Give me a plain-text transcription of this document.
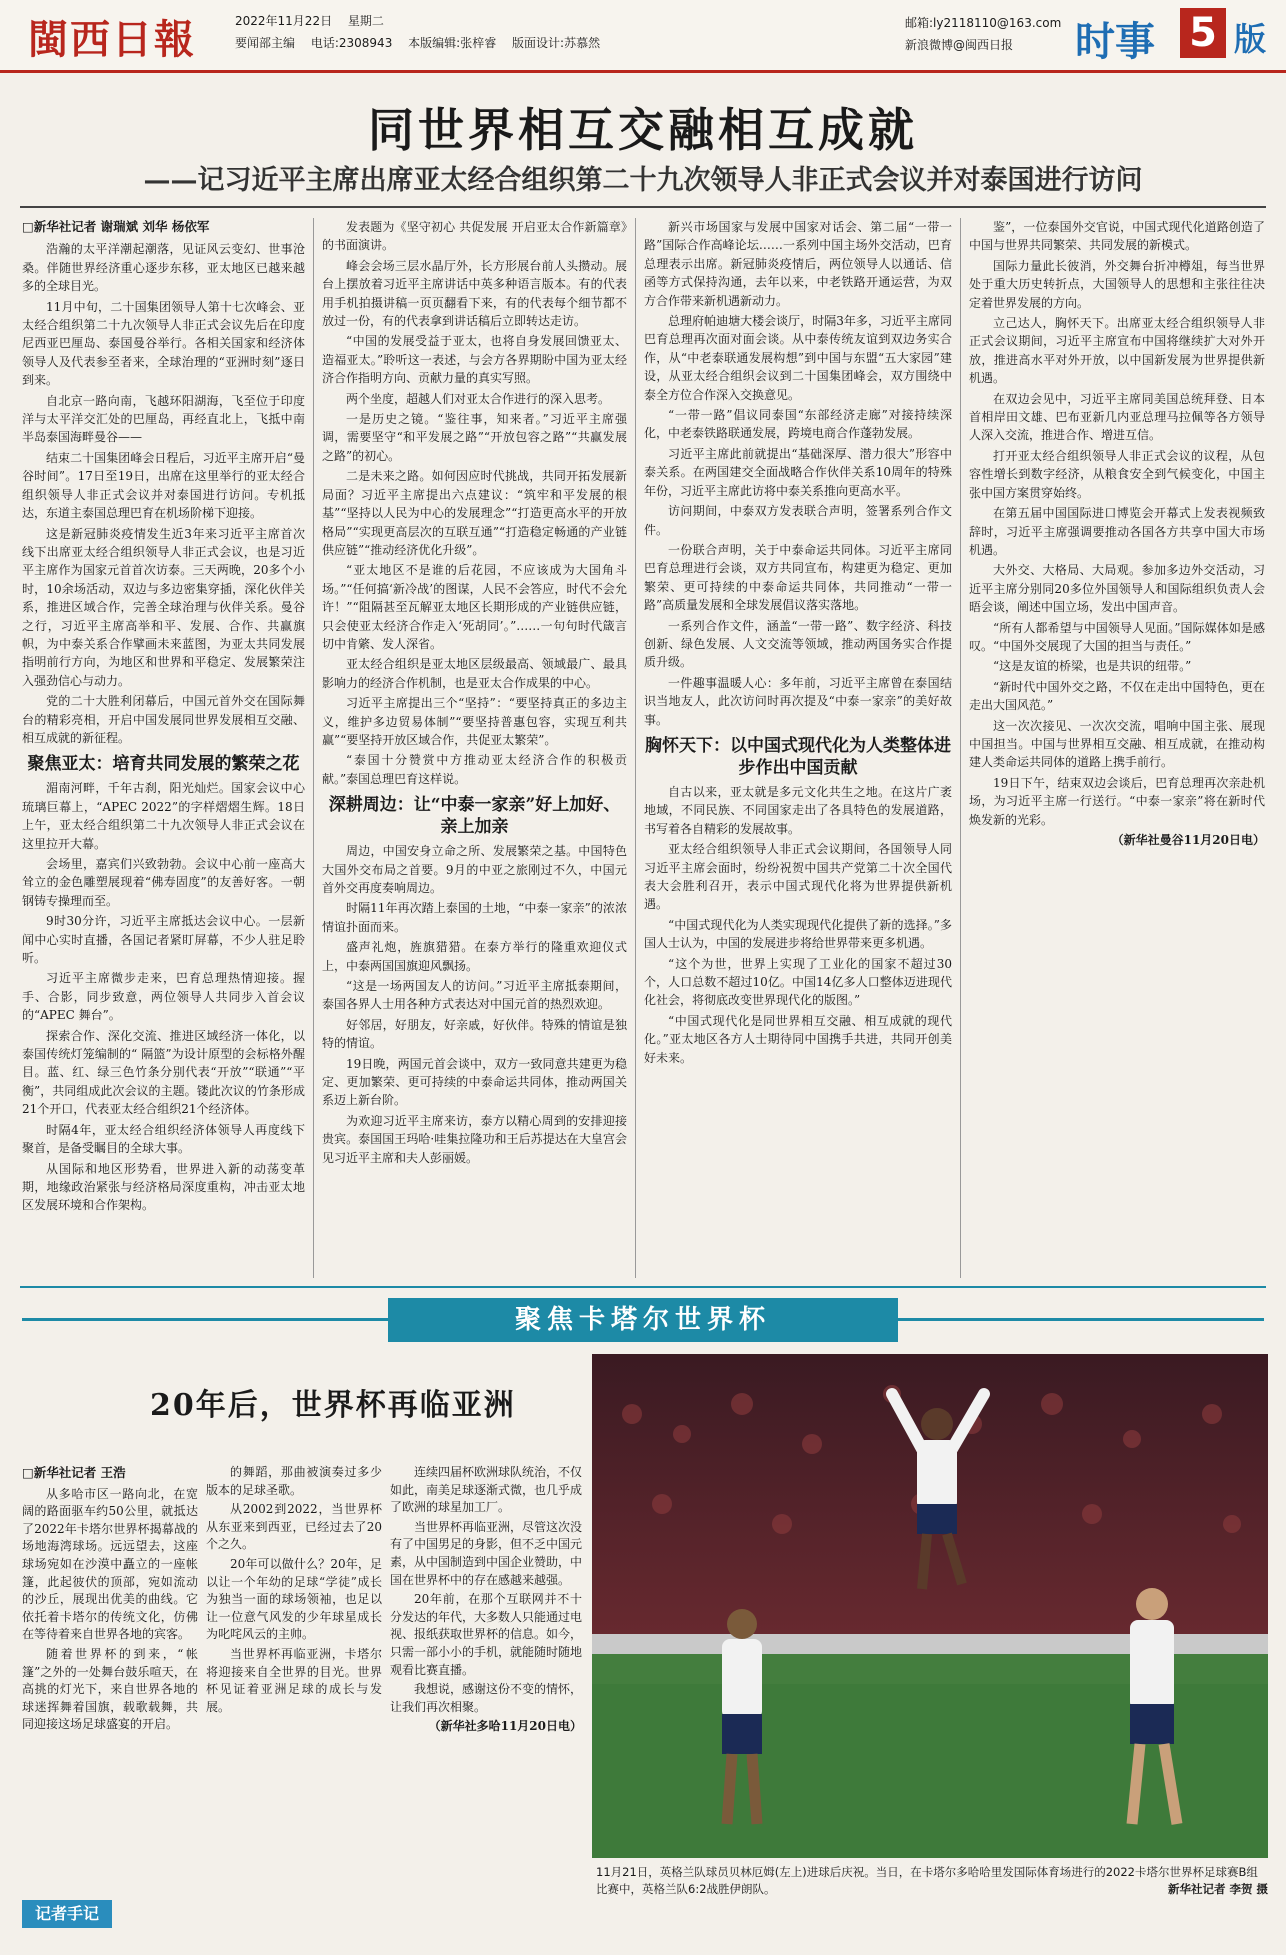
閩西日報	2022年11月22日 星期二
要闻部主编 电话:2308943 本版编辑:张梓睿 版面设计:苏慕然
邮箱:ly2118110@163.com
新浪微博@闽西日报 时事 5 版
同世界相互交融相互成就
——记习近平主席出席亚太经合组织第二十九次领导人非正式会议并对泰国进行访问
□新华社记者 谢瑞斌 刘华 杨依军

浩瀚的太平洋潮起潮落，见证风云变幻、世事沧桑。伴随世界经济重心逐步东移，亚太地区已越来越多的全球目光。

11月中旬，二十国集团领导人第十七次峰会、亚太经合组织第二十九次领导人非正式会议先后在印度尼西亚巴厘岛、泰国曼谷举行。各相关国家和经济体领导人及代表参至者来，全球治理的“亚洲时刻”逐日到来。

自北京一路向南，飞越环阳湖海，飞至位于印度洋与太平洋交汇处的巴厘岛，再经直北上，飞抵中南半岛泰国海畔曼谷——

结束二十国集团峰会日程后，习近平主席开启“曼谷时间”。17日至19日，出席在这里举行的亚太经合组织领导人非正式会议并对泰国进行访问。专机抵达，东道主泰国总理巴育在机场阶梯下迎接。

这是新冠肺炎疫情发生近3年来习近平主席首次线下出席亚太经合组织领导人非正式会议，也是习近平主席作为国家元首首次访泰。三天两晚，20多个小时，10余场活动，双边与多边密集穿插，深化伙伴关系，推进区域合作，完善全球治理与伙伴关系。曼谷之行，习近平主席高举和平、发展、合作、共赢旗帜，为中泰关系合作擘画未来蓝图，为亚太共同发展指明前行方向，为地区和世界和平稳定、发展繁荣注入强劲信心与动力。

党的二十大胜利闭幕后，中国元首外交在国际舞台的精彩亮相，开启中国发展同世界发展相互交融、相互成就的新征程。

聚焦亚太：培育共同发展的繁荣之花

湄南河畔，千年古刹，阳光灿烂。国家会议中心琉璃巨幕上，“APEC 2022”的字样熠熠生辉。18日上午，亚太经合组织第二十九次领导人非正式会议在这里拉开大幕。

会场里，嘉宾们兴致勃勃。会议中心前一座高大耸立的金色雕塑展现着“佛寿固度”的友善好客。一朝钢铸专操理而至。

9时30分许，习近平主席抵达会议中心。一层新闻中心实时直播，各国记者紧盯屏幕，不少人驻足聆听。

习近平主席微步走来，巴育总理热情迎接。握手、合影，同步致意，两位领导人共同步入首会议的“APEC 舞台”。

探索合作、深化交流、推进区域经济一体化，以泰国传统灯笼编制的“ 隔篮”为设计原型的会标格外醒目。蓝、红、绿三色竹条分别代表“开放”“联通”“平衡”，共同组成此次会议的主题。镂此次议的竹条形成21个开口，代表亚太经合组织21个经济体。

时隔4年，亚太经合组织经济体领导人再度线下聚首，是备受瞩目的全球大事。

从国际和地区形势看，世界进入新的动荡变革期，地缘政治紧张与经济格局深度重构，冲击亚太地区发展环境和合作架构。

发表题为《坚守初心 共促发展 开启亚太合作新篇章》的书面演讲。

峰会会场三层水晶厅外，长方形展台前人头攒动。展台上摆放着习近平主席讲话中英多种语言版本。有的代表用手机拍摄讲稿一页页翻看下来，有的代表每个细节都不放过一份，有的代表拿到讲话稿后立即转达走访。

“中国的发展受益于亚太，也将自身发展回馈亚太、造福亚太。”聆听这一表述，与会方各界期盼中国为亚太经济合作指明方向、贡献力量的真实写照。

两个坐度，超越人们对亚太合作进行的深入思考。

一是历史之镜。“鉴往事，知来者。”习近平主席强调，需要坚守“和平发展之路”“开放包容之路”“共赢发展之路”的初心。

二是未来之路。如何因应时代挑战，共同开拓发展新局面？习近平主席提出六点建议：“筑牢和平发展的根基”“坚持以人民为中心的发展理念”“打造更高水平的开放格局”“实现更高层次的互联互通”“打造稳定畅通的产业链供应链”“推动经济优化升级”。

“亚太地区不是谁的后花园，不应该成为大国角斗场。”“任何搞‘新冷战’的图谋，人民不会答应，时代不会允许！”“阻隔甚至瓦解亚太地区长期形成的产业链供应链，只会使亚太经济合作走入‘死胡同’。”……一句句时代箴言切中肯綮、发人深省。

亚太经合组织是亚太地区层级最高、领域最广、最具影响力的经济合作机制，也是亚太合作成果的中心。

习近平主席提出三个“坚持”：“要坚持真正的多边主义，维护多边贸易体制”“要坚持普惠包容，实现互利共赢”“要坚持开放区域合作，共促亚太繁荣”。

“泰国十分赞赏中方推动亚太经济合作的积极贡献。”泰国总理巴育这样说。

深耕周边：让“中泰一家亲”好上加好、亲上加亲

周边，中国安身立命之所、发展繁荣之基。中国特色大国外交布局之首要。9月的中亚之旅刚过不久，中国元首外交再度奏响周边。

时隔11年再次踏上泰国的土地，“中泰一家亲”的浓浓情谊扑面而来。

盛声礼炮，旌旗猎猎。在泰方举行的隆重欢迎仪式上，中泰两国国旗迎风飘扬。

“这是一场两国友人的访问。”习近平主席抵泰期间，泰国各界人士用各种方式表达对中国元首的热烈欢迎。

好邻居，好朋友，好亲戚，好伙伴。特殊的情谊是独特的情谊。

19日晚，两国元首会谈中，双方一致同意共建更为稳定、更加繁荣、更可持续的中泰命运共同体，推动两国关系迈上新台阶。

为欢迎习近平主席来访，泰方以精心周到的安排迎接贵宾。泰国国王玛哈·哇集拉隆功和王后苏提达在大皇宫会见习近平主席和夫人彭丽媛。

新兴市场国家与发展中国家对话会、第二届“一带一路”国际合作高峰论坛……一系列中国主场外交活动，巴育总理表示出席。新冠肺炎疫情后，两位领导人以通话、信函等方式保持沟通，去年以来，中老铁路开通运营，为双方合作带来新机遇新动力。

总理府帕迪塘大楼会谈厅，时隔3年多，习近平主席同巴育总理再次面对面会谈。从中泰传统友谊到双边务实合作，从“中老泰联通发展构想”到中国与东盟“五大家园”建设，从亚太经合组织会议到二十国集团峰会，双方围绕中泰全方位合作深入交换意见。

“一带一路”倡议同泰国“东部经济走廊”对接持续深化，中老泰铁路联通发展，跨境电商合作蓬勃发展。

习近平主席此前就提出“基础深厚、潜力很大”形容中泰关系。在两国建交全面战略合作伙伴关系10周年的特殊年份，习近平主席此访将中泰关系推向更高水平。

访问期间，中泰双方发表联合声明，签署系列合作文件。

一份联合声明，关于中泰命运共同体。习近平主席同巴育总理进行会谈，双方共同宣布，构建更为稳定、更加繁荣、更可持续的中泰命运共同体，共同推动“一带一路”高质量发展和全球发展倡议落实落地。

一系列合作文件，涵盖“一带一路”、数字经济、科技创新、绿色发展、人文交流等领域，推动两国务实合作提质升级。

一件趣事温暖人心：多年前，习近平主席曾在泰国结识当地友人，此次访问时再次提及“中泰一家亲”的美好故事。

胸怀天下：以中国式现代化为人类整体进步作出中国贡献

自古以来，亚太就是多元文化共生之地。在这片广袤地域，不同民族、不同国家走出了各具特色的发展道路，书写着各自精彩的发展故事。

亚太经合组织领导人非正式会议期间，各国领导人同习近平主席会面时，纷纷祝贺中国共产党第二十次全国代表大会胜利召开，表示中国式现代化将为世界提供新机遇。

“中国式现代化为人类实现现代化提供了新的选择。”多国人士认为，中国的发展进步将给世界带来更多机遇。

“这个为世，世界上实现了工业化的国家不超过30个，人口总数不超过10亿。中国14亿多人口整体迈进现代化社会，将彻底改变世界现代化的版图。”

“中国式现代化是同世界相互交融、相互成就的现代化。”亚太地区各方人士期待同中国携手共进，共同开创美好未来。

鉴”，一位泰国外交官说，中国式现代化道路创造了中国与世界共同繁荣、共同发展的新模式。

国际力量此长彼消，外交舞台折冲樽俎，每当世界处于重大历史转折点，大国领导人的思想和主张往往决定着世界发展的方向。

立己达人，胸怀天下。出席亚太经合组织领导人非正式会议期间，习近平主席宣布中国将继续扩大对外开放，推进高水平对外开放，以中国新发展为世界提供新机遇。

在双边会见中，习近平主席同美国总统拜登、日本首相岸田文雄、巴布亚新几内亚总理马拉佩等各方领导人深入交流，推进合作、增进互信。

打开亚太经合组织领导人非正式会议的议程，从包容性增长到数字经济，从粮食安全到气候变化，中国主张中国方案贯穿始终。

在第五届中国国际进口博览会开幕式上发表视频致辞时，习近平主席强调要推动各国各方共享中国大市场机遇。

大外交、大格局、大局观。参加多边外交活动，习近平主席分别同20多位外国领导人和国际组织负责人会晤会谈，阐述中国立场，发出中国声音。

“所有人都希望与中国领导人见面。”国际媒体如是感叹。“中国外交展现了大国的担当与责任。”

“这是友谊的桥梁，也是共识的纽带。”

“新时代中国外交之路，不仅在走出中国特色，更在走出大国风范。”

这一次次接见、一次次交流，唱响中国主张、展现中国担当。中国与世界相互交融、相互成就，在推动构建人类命运共同体的道路上携手前行。

19日下午，结束双边会谈后，巴育总理再次亲赴机场，为习近平主席一行送行。“中泰一家亲”将在新时代焕发新的光彩。

（新华社曼谷11月20日电）

聚焦卡塔尔世界杯
20年后，世界杯再临亚洲
□新华社记者 王浩

从多哈市区一路向北，在宽阔的路面驱车约50公里，就抵达了2022年卡塔尔世界杯揭幕战的场地海湾球场。远远望去，这座球场宛如在沙漠中矗立的一座帐篷，此起彼伏的顶部，宛如流动的沙丘，展现出优美的曲线。它依托着卡塔尔的传统文化，仿佛在等待着来自世界各地的宾客。

随着世界杯的到来，“帐篷”之外的一处舞台鼓乐喧天，在高挑的灯光下，来自世界各地的球迷挥舞着国旗，载歌载舞，共同迎接这场足球盛宴的开启。

的舞蹈，那曲被演奏过多少版本的足球圣歌。

从2002到2022，当世界杯从东亚来到西亚，已经过去了20个之久。

20年可以做什么？20年，足以让一个年幼的足球“学徒”成长为独当一面的球场领袖，也足以让一位意气风发的少年球星成长为叱咤风云的主帅。

当世界杯再临亚洲，卡塔尔将迎接来自全世界的目光。世界杯见证着亚洲足球的成长与发展。

连续四届杯欧洲球队统治，不仅如此，南美足球逐渐式微，也几乎成了欧洲的球星加工厂。

当世界杯再临亚洲，尽管这次没有了中国男足的身影，但不乏中国元素，从中国制造到中国企业赞助，中国在世界杯中的存在感越来越强。

20年前，在那个互联网并不十分发达的年代，大多数人只能通过电视、报纸获取世界杯的信息。如今，只需一部小小的手机，就能随时随地观看比赛直播。

我想说，感谢这份不变的情怀，让我们再次相聚。

（新华社多哈11月20日电）

记者手记
11月21日，英格兰队球员贝林厄姆(左上)进球后庆祝。当日，在卡塔尔多哈哈里发国际体育场进行的2022卡塔尔世界杯足球赛B组比赛中，英格兰队6:2战胜伊朗队。	新华社记者 李贺 摄
